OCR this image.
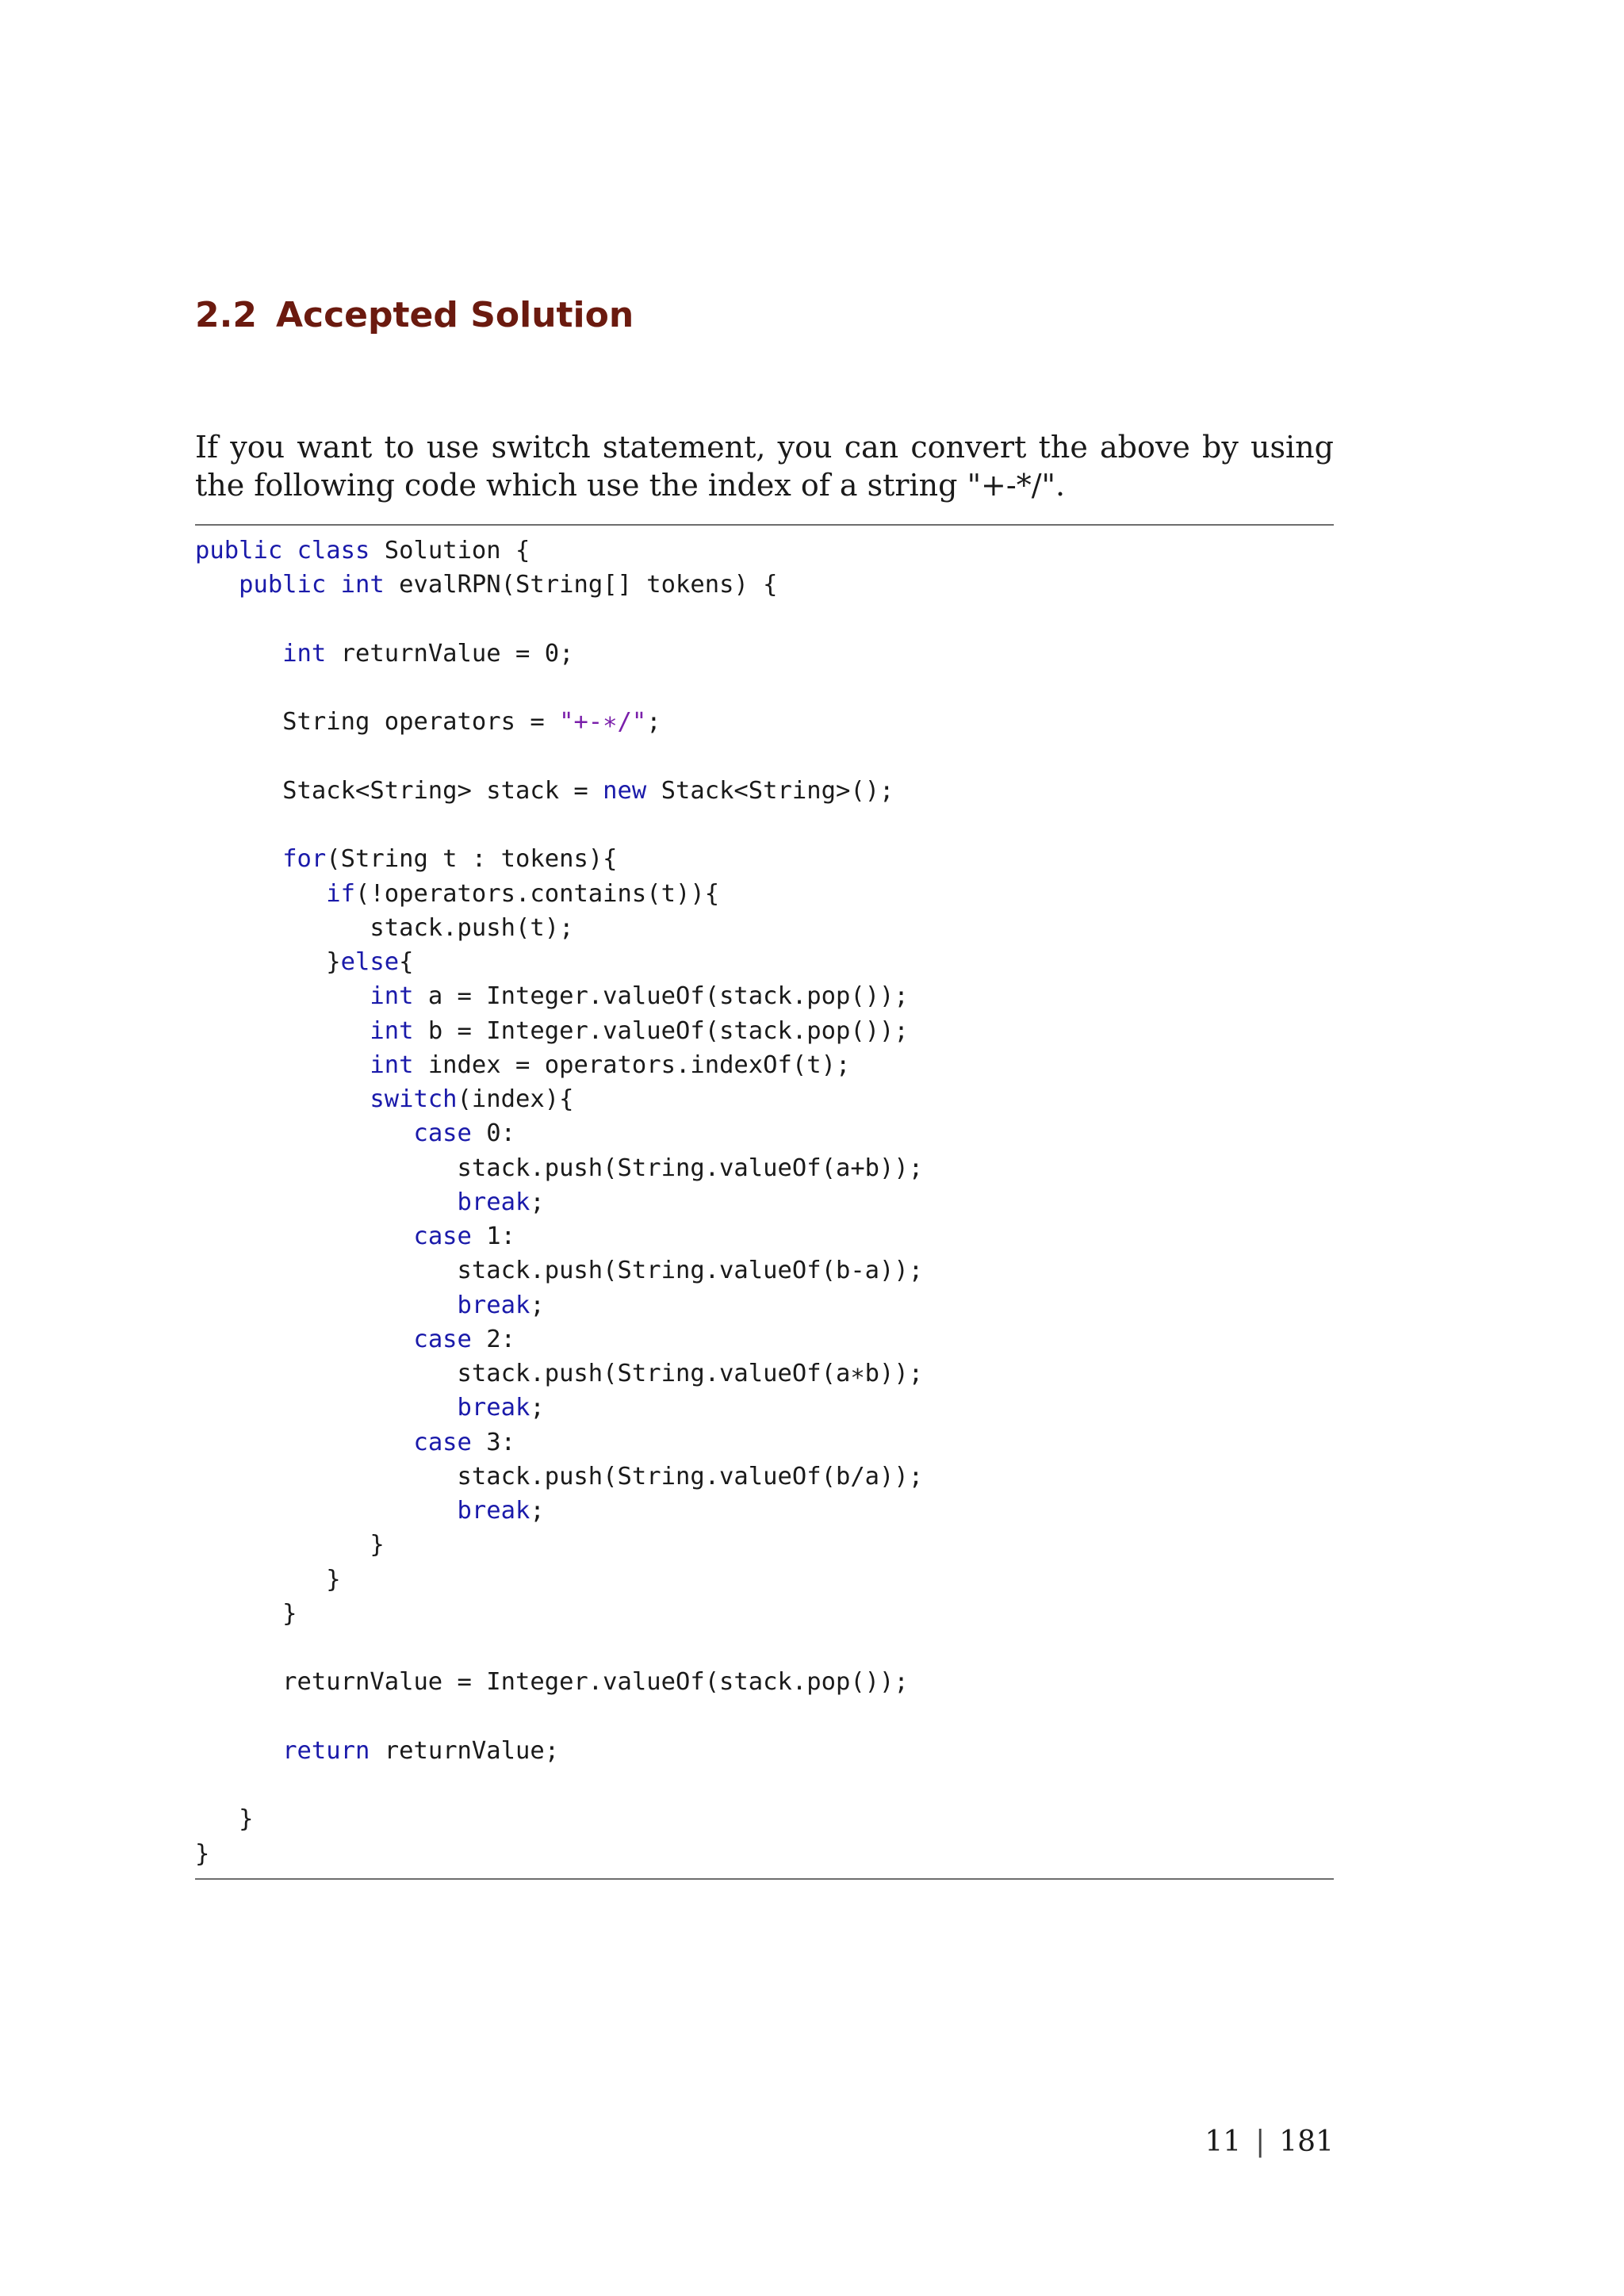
2.2 Accepted Solution

If you want to use switch statement, you can convert the above by using the following code which use the index of a string "+-*/".

public class Solution {
public int evalRPN(String[] tokens) {
int returnValue = 0;
String operators = "+-∗/";
Stack<String> stack = new Stack<String>();
for(String t : tokens){
if(!operators.contains(t)){
stack.push(t);
}else{
int a = Integer.valueOf(stack.pop());
int b = Integer.valueOf(stack.pop());
int index = operators.indexOf(t);
switch(index){
case 0:
stack.push(String.valueOf(a+b));
break;
case 1:
stack.push(String.valueOf(b-a));
break;
case 2:
stack.push(String.valueOf(a∗b));
break;
case 3:
stack.push(String.valueOf(b/a));
break;
}
}
}
returnValue = Integer.valueOf(stack.pop());
return returnValue;
}
}
11 | 181
